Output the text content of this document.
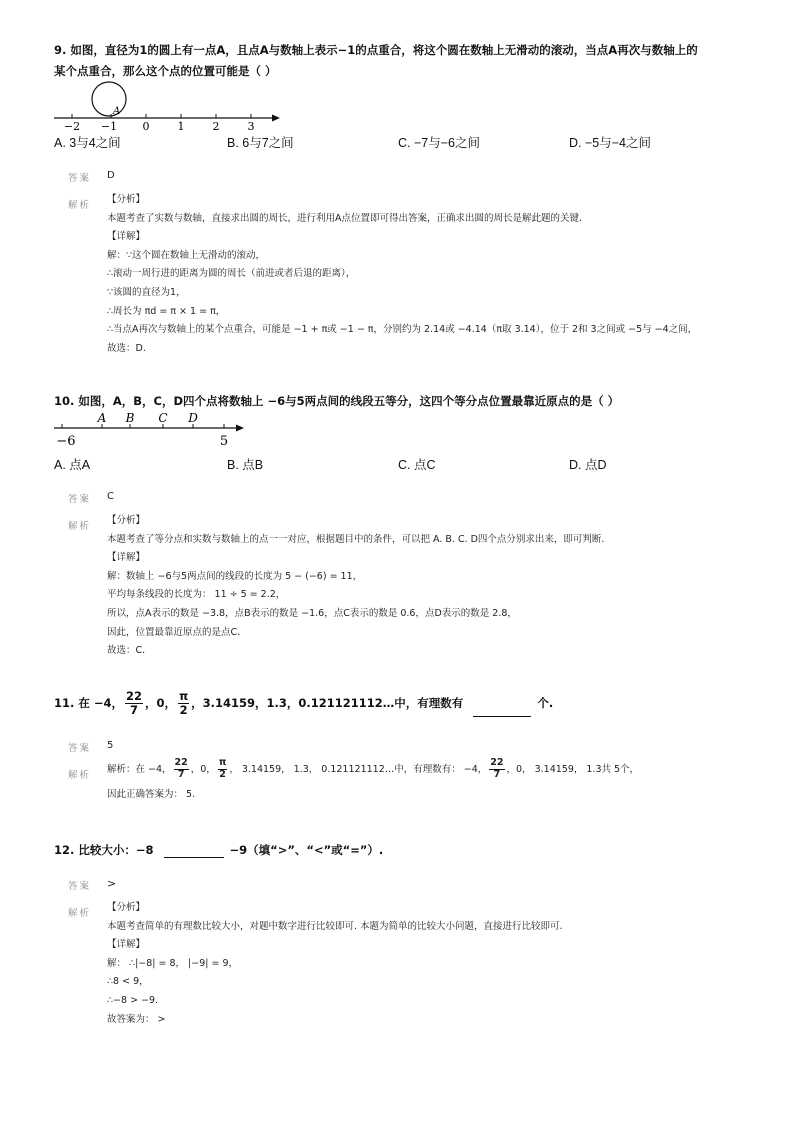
9. 如图，直径为1的圆上有一点A，且点A与数轴上表示−1的点重合，将这个圆在数轴上无滑动的滚动，当点A再次与数轴上的
某个点重合，那么这个点的位置可能是（ ）
A
−2 −1 0	1	2	3
A. 3与4之间	B. 6与7之间	C. −7与−6之间	D. −5与−4之间
答案 D
解析
【分析】
本题考查了实数与数轴，直接求出圆的周长，进行利用A点位置即可得出答案，正确求出圆的周长是解此题的关键.
【详解】
解：∵这个圆在数轴上无滑动的滚动，
∴滚动一周行进的距离为圆的周长（前进或者后退的距离），
∵该圆的直径为1，
∴周长为 πd = π × 1 = π，
∴当点A再次与数轴上的某个点重合，可能是 −1 + π或 −1 − π，分别约为 2.14或 −4.14（π取 3.14），位于 2和 3之间或 −5与 −4之间，
故选：D.
10. 如图，A，B，C，D四个点将数轴上 −6与5两点间的线段五等分，这四个等分点位置最靠近原点的是（ ）
A B C D
−6	5
A. 点A	B. 点B	C. 点C	D. 点D
答案 C
解析
【分析】
本题考查了等分点和实数与数轴上的点一一对应，根据题目中的条件，可以把 A. B. C. D四个点分别求出来，即可判断.
【详解】
解：数轴上 −6与5两点间的线段的长度为 5 − (−6) = 11，
平均每条线段的长度为： 11 ÷ 5 = 2.2，
所以，点A表示的数是 −3.8，点B表示的数是 −1.6，点C表示的数是 0.6，点D表示的数是 2.8，
因此，位置最靠近原点的是点C.
故选：C.
11. 在 −4， $\frac{22}{7}$ ，0， $\frac{\pi}{2}$ ，3.14159，1.3，0.121121112…中，有理数有	个.
答案 5
解析
解析：在 −4， $\frac{22}{7}$ ，0， $\frac{\pi}{2}$ ， 3.14159， 1.3， 0.121121112…中，有理数有： −4， $\frac{22}{7}$ ，0， 3.14159， 1.3共 5个，
因此正确答案为： 5.
12. 比较大小：−8	−9（填“>”、“<”或“=”）.
答案 >
解析
【分析】
本题考查简单的有理数比较大小，对题中数字进行比较即可. 本题为简单的比较大小问题，直接进行比较即可.
【详解】
解： ∴|−8| = 8， |−9| = 9，
∴8 < 9，
∴−8 > −9.
故答案为： >
